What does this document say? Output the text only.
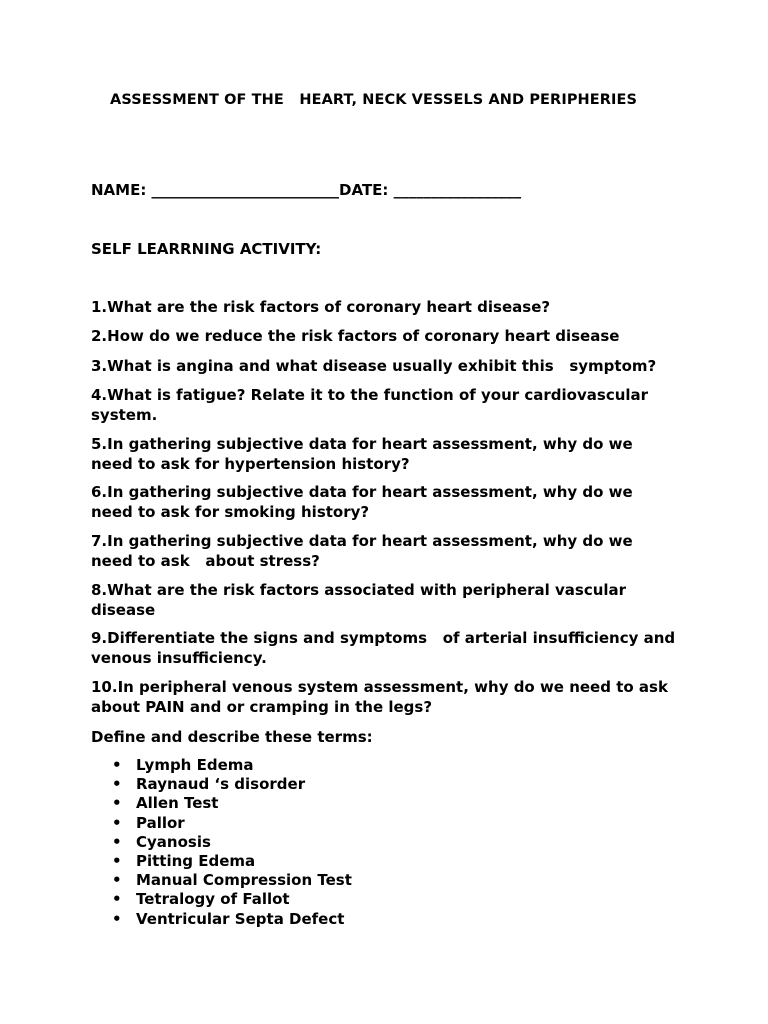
ASSESSMENT OF THE   HEART, NECK VESSELS AND PERIPHERIES
NAME: _________________________DATE: _________________
SELF LEARRNING ACTIVITY:
1.What are the risk factors of coronary heart disease?
2.How do we reduce the risk factors of coronary heart disease
3.What is angina and what disease usually exhibit this   symptom?
4.What is fatigue? Relate it to the function of your cardiovascular
system.
5.In gathering subjective data for heart assessment, why do we
need to ask for hypertension history?
6.In gathering subjective data for heart assessment, why do we
need to ask for smoking history?
7.In gathering subjective data for heart assessment, why do we
need to ask   about stress?
8.What are the risk factors associated with peripheral vascular
disease
9.Differentiate the signs and symptoms   of arterial insufficiency and
venous insufficiency.
10.In peripheral venous system assessment, why do we need to ask
about PAIN and or cramping in the legs?
Define and describe these terms:
• Lymph Edema
• Raynaud ‘s disorder
• Allen Test
• Pallor
• Cyanosis
• Pitting Edema
• Manual Compression Test
• Tetralogy of Fallot
• Ventricular Septa Defect
